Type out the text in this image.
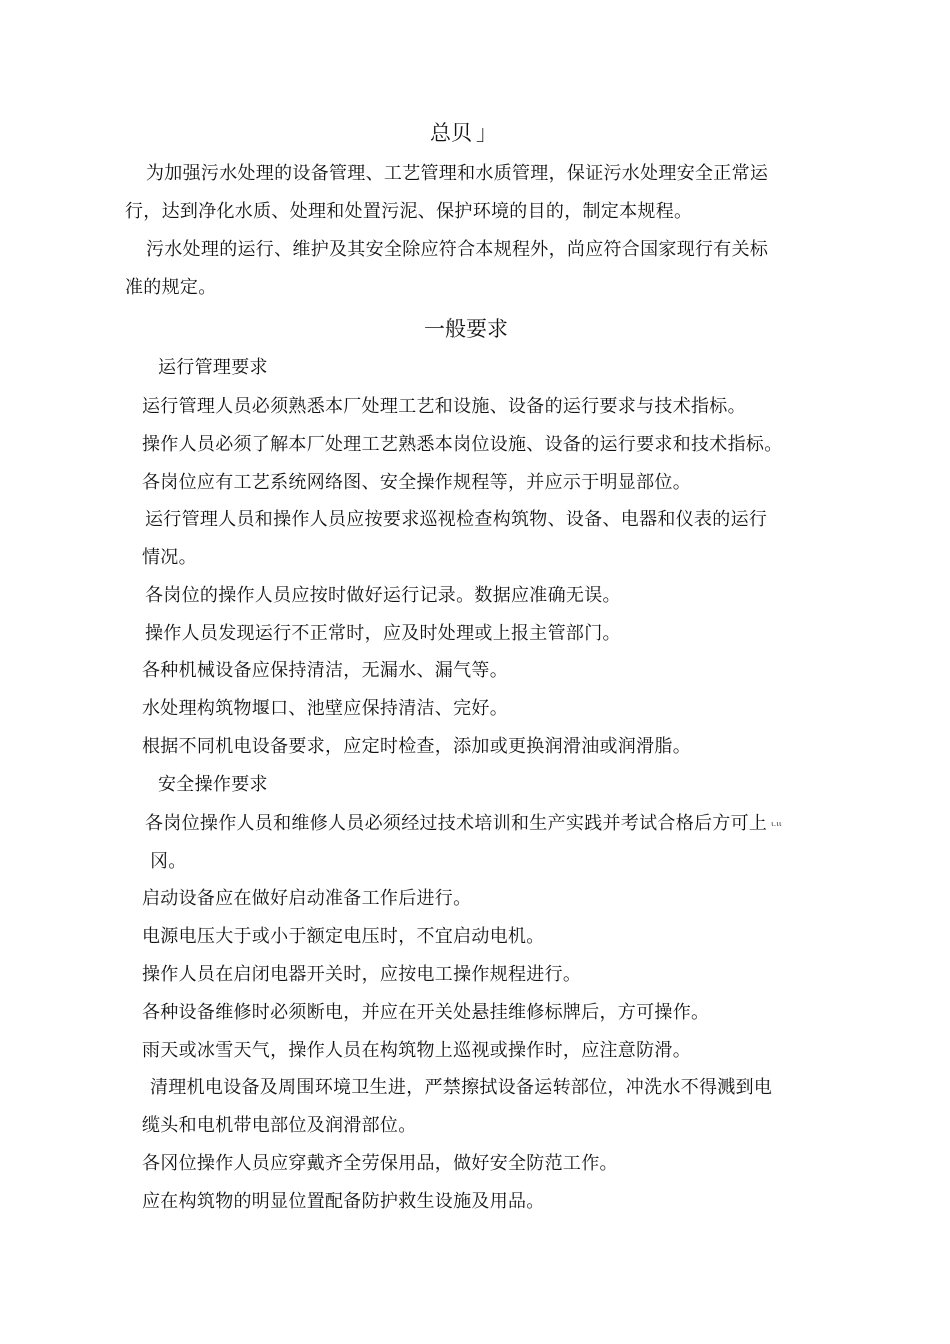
总贝 」
为加强污水处理的设备管理、工艺管理和水质管理，保证污水处理安全正常运
行，达到净化水质、处理和处置污泥、保护环境的目的，制定本规程。
污水处理的运行、维护及其安全除应符合本规程外，尚应符合国家现行有关标
准的规定。
一般要求
运行管理要求
运行管理人员必须熟悉本厂处理工艺和设施、设备的运行要求与技术指标。
操作人员必须了解本厂处理工艺熟悉本岗位设施、设备的运行要求和技术指标。
各岗位应有工艺系统网络图、安全操作规程等，并应示于明显部位。
运行管理人员和操作人员应按要求巡视检查构筑物、设备、电器和仪表的运行
情况。
各岗位的操作人员应按时做好运行记录。数据应准确无误。
操作人员发现运行不正常时，应及时处理或上报主管部门。
各种机械设备应保持清洁，无漏水、漏气等。
水处理构筑物堰口、池壁应保持清洁、完好。
根据不同机电设备要求，应定时检查，添加或更换润滑油或润滑脂。
安全操作要求
各岗位操作人员和维修人员必须经过技术培训和生产实践并考试合格后方可上 ι.ιι
冈。
启动设备应在做好启动准备工作后进行。
电源电压大于或小于额定电压时，不宜启动电机。
操作人员在启闭电器开关时，应按电工操作规程进行。
各种设备维修时必须断电，并应在开关处悬挂维修标牌后，方可操作。
雨天或冰雪天气，操作人员在构筑物上巡视或操作时，应注意防滑。
清理机电设备及周围环境卫生进，严禁擦拭设备运转部位，冲洗水不得溅到电
缆头和电机带电部位及润滑部位。
各冈位操作人员应穿戴齐全劳保用品，做好安全防范工作。
应在构筑物的明显位置配备防护救生设施及用品。
